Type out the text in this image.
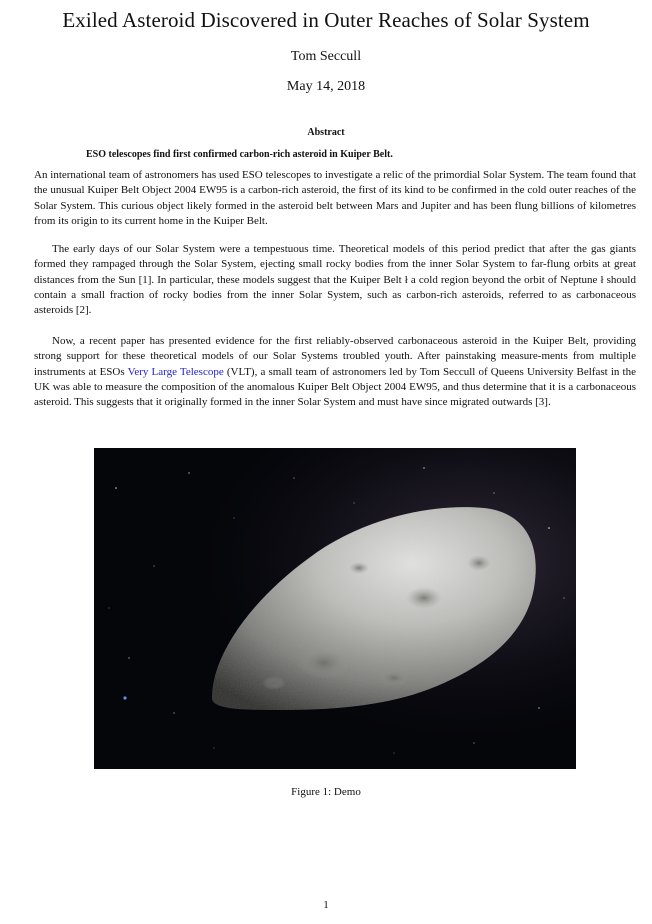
Exiled Asteroid Discovered in Outer Reaches of Solar System
Tom Seccull
May 14, 2018
Abstract
ESO telescopes find first confirmed carbon-rich asteroid in Kuiper Belt.

An international team of astronomers has used ESO telescopes to investigate a relic of the primordial Solar System. The team found that the unusual Kuiper Belt Object 2004 EW95 is a carbon-rich asteroid, the first of its kind to be confirmed in the cold outer reaches of the Solar System. This curious object likely formed in the asteroid belt between Mars and Jupiter and has been flung billions of kilometres from its origin to its current home in the Kuiper Belt.

The early days of our Solar System were a tempestuous time. Theoretical models of this period predict that after the gas giants formed they rampaged through the Solar System, ejecting small rocky bodies from the inner Solar System to far-flung orbits at great distances from the Sun [1]. In particular, these models suggest that the Kuiper Belt ł a cold region beyond the orbit of Neptune ł should contain a small fraction of rocky bodies from the inner Solar System, such as carbon-rich asteroids, referred to as carbonaceous asteroids [2].

Now, a recent paper has presented evidence for the first reliably-observed carbonaceous asteroid in the Kuiper Belt, providing strong support for these theoretical models of our Solar Systems troubled youth. After painstaking measure-ments from multiple instruments at ESOs Very Large Telescope (VLT), a small team of astronomers led by Tom Seccull of Queens University Belfast in the UK was able to measure the composition of the anomalous Kuiper Belt Object 2004 EW95, and thus determine that it is a carbonaceous asteroid. This suggests that it originally formed in the inner Solar System and must have since migrated outwards [3].

Figure 1: Demo
1
